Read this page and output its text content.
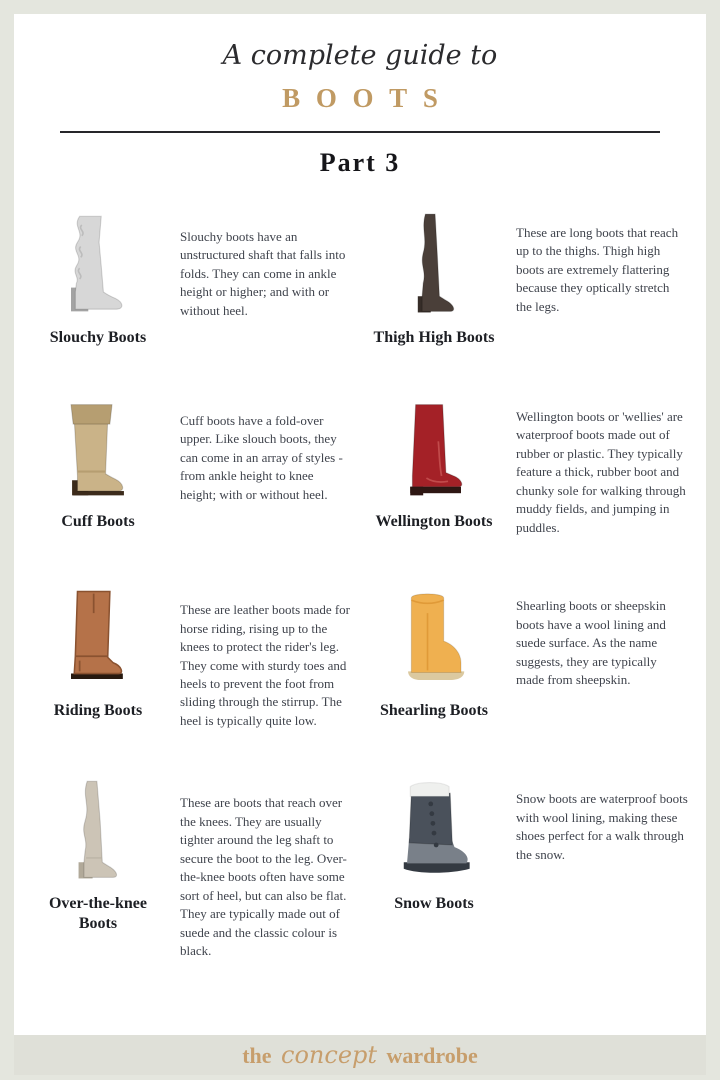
A complete guide to
BOOTS
Part 3
Slouchy Boots

Slouchy boots have an unstructured shaft that falls into folds. They can come in ankle height or higher; and with or without heel.

Thigh High Boots

These are long boots that reach up to the thighs. Thigh high boots are extremely flattering because they optically stretch the legs.

Cuff Boots

Cuff boots have a fold-over upper. Like slouch boots, they can come in an array of styles - from ankle height to knee height; with or without heel.

Wellington Boots

Wellington boots or 'wellies' are waterproof boots made out of rubber or plastic. They typically feature a thick, rubber boot and chunky sole for walking through muddy fields, and jumping in puddles.

Riding Boots

These are leather boots made for horse riding, rising up to the knees to protect the rider's leg. They come with sturdy toes and heels to prevent the foot from sliding through the stirrup. The heel is typically quite low.

Shearling Boots

Shearling boots or sheepskin boots have a wool lining and suede surface. As the name suggests, they are typically made from sheepskin.

Over-the-knee Boots

These are boots that reach over the knees. They are usually tighter around the leg shaft to secure the boot to the leg. Over-the-knee boots often have some sort of heel, but can also be flat. They are typically made out of suede and the classic colour is black.

Snow Boots

Snow boots are waterproof boots with wool lining, making these shoes perfect for a walk through the snow.

the concept wardrobe
